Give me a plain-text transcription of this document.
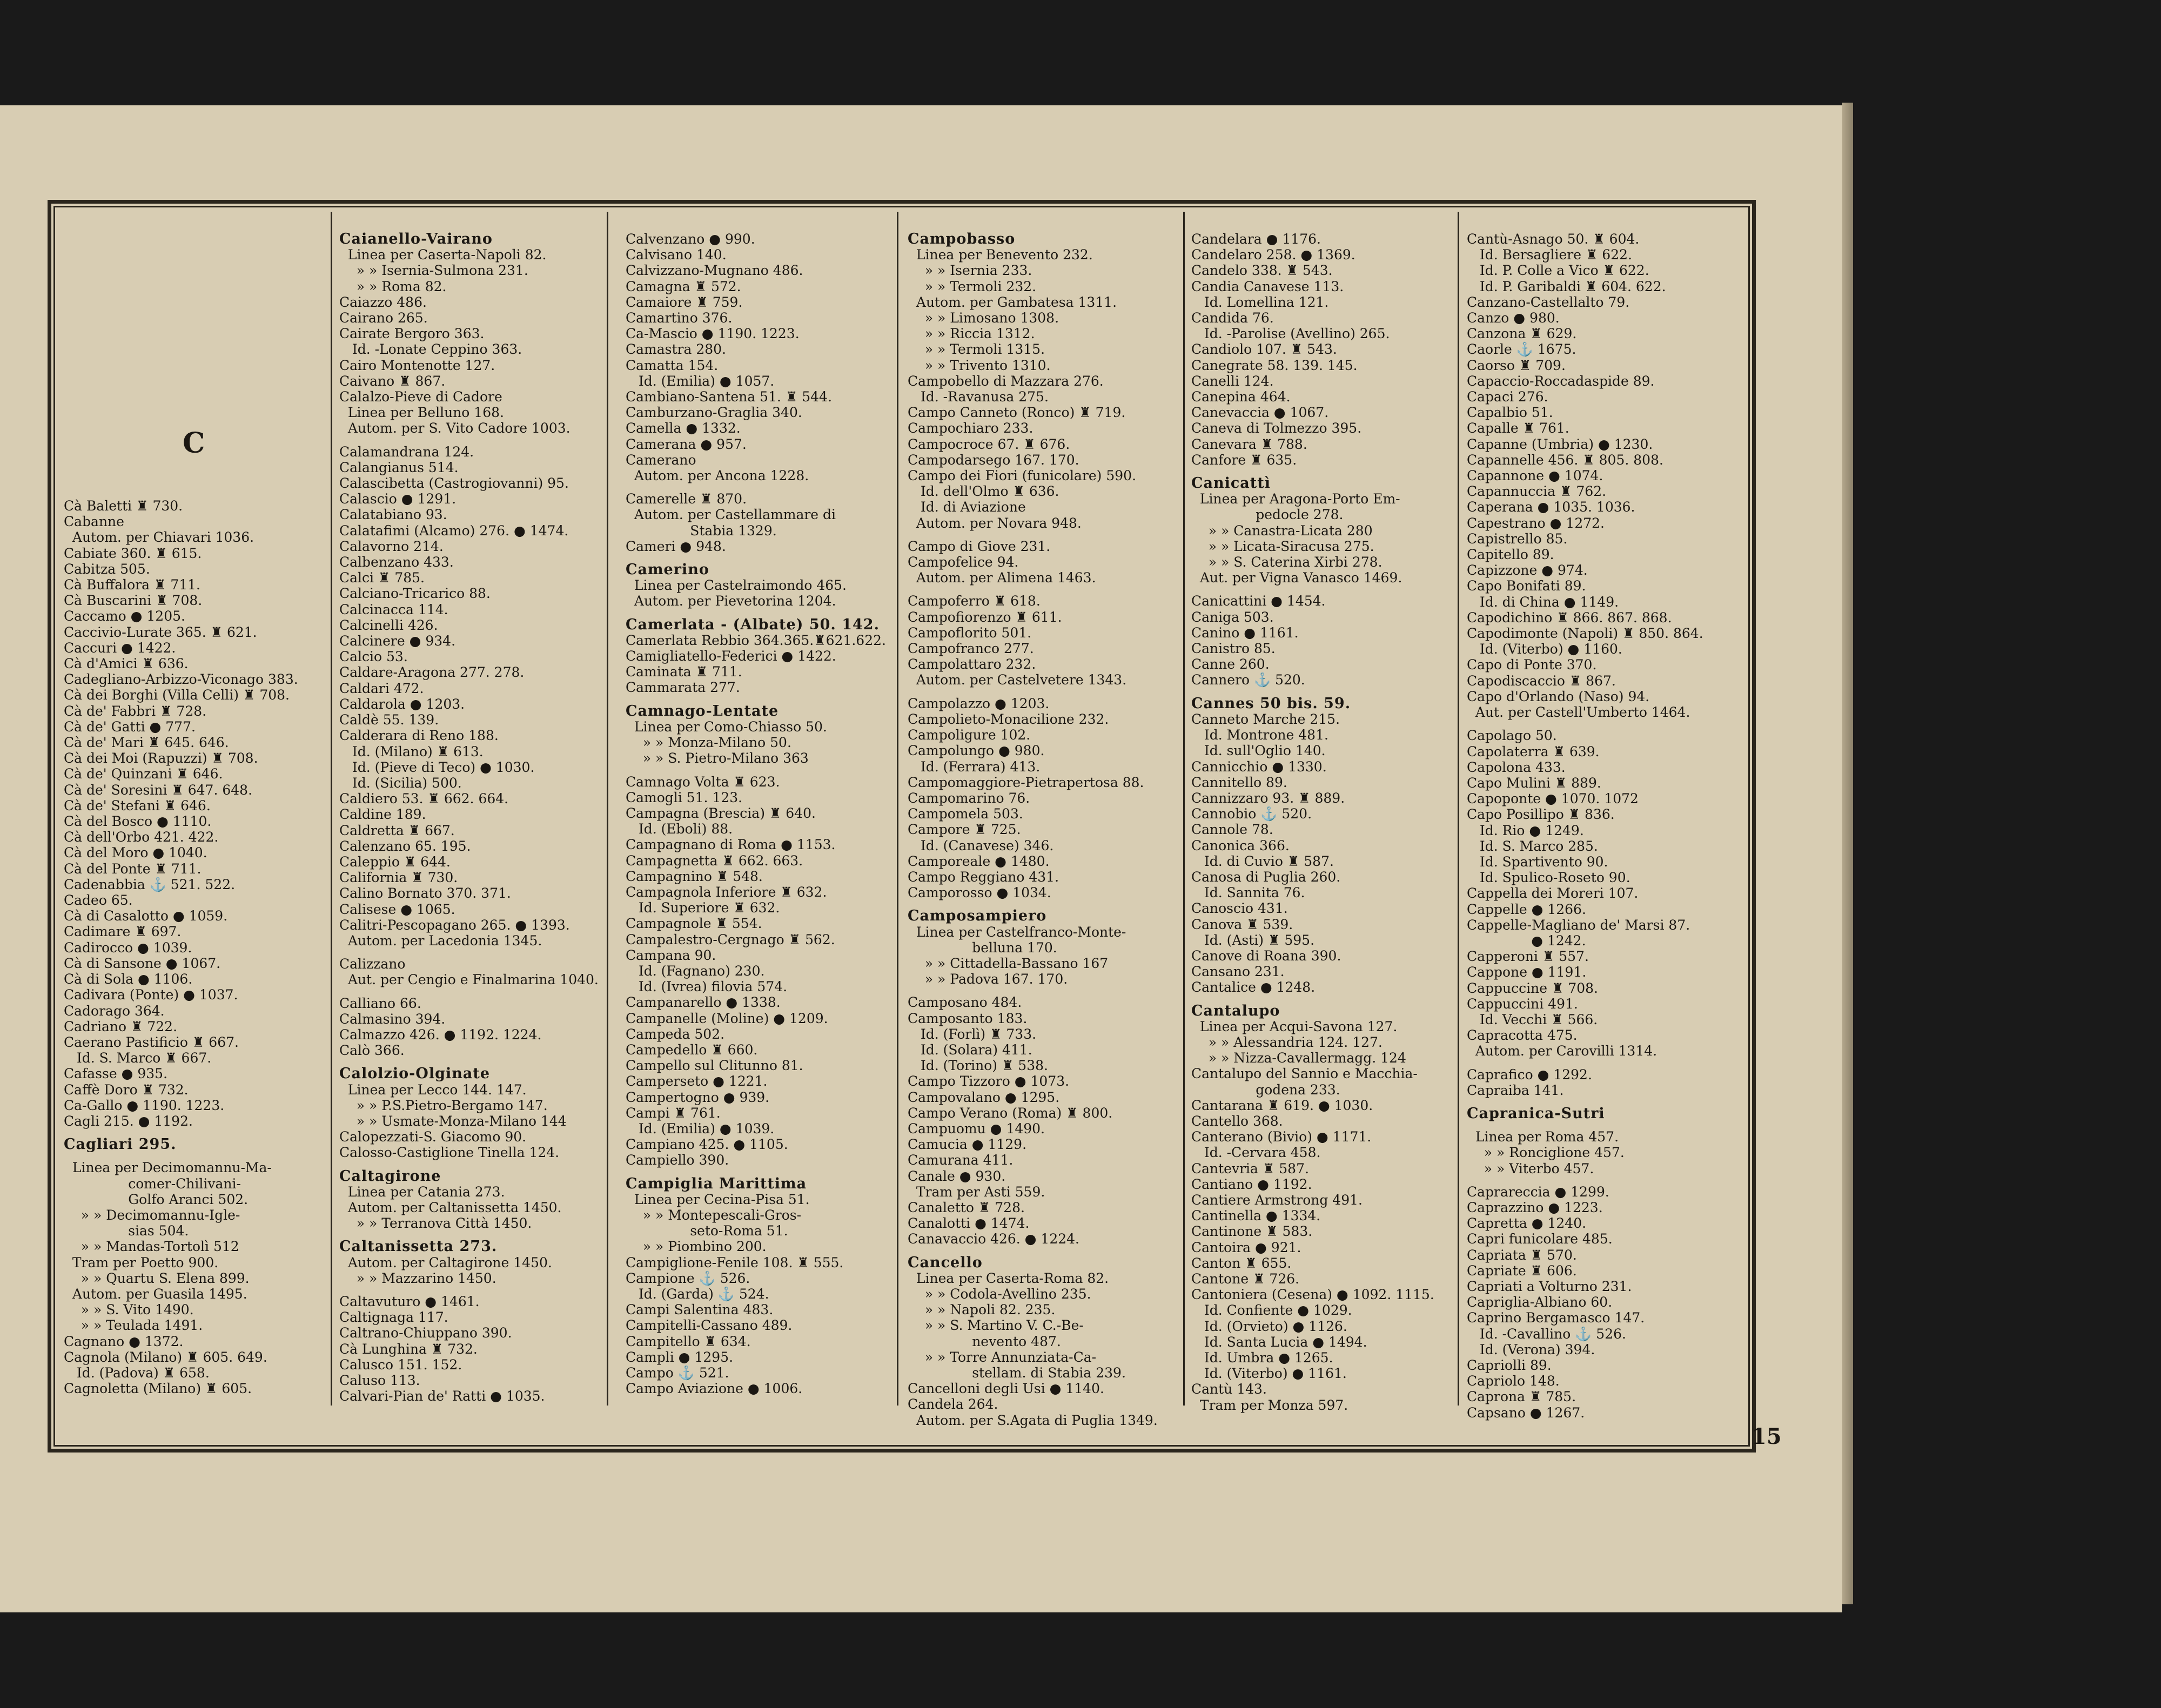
C
Cà Baletti ♜ 730.
Cabanne
Autom. per Chiavari 1036.
Cabiate 360. ♜ 615.
Cabitza 505.
Cà Buffalora ♜ 711.
Cà Buscarini ♜ 708.
Caccamo ● 1205.
Caccivio-Lurate 365. ♜ 621.
Caccuri ● 1422.
Cà d'Amici ♜ 636.
Cadegliano-Arbizzo-Viconago 383.
Cà dei Borghi (Villa Celli) ♜ 708.
Cà de' Fabbri ♜ 728.
Cà de' Gatti ● 777.
Cà de' Mari ♜ 645. 646.
Cà dei Moi (Rapuzzi) ♜ 708.
Cà de' Quinzani ♜ 646.
Cà de' Soresini ♜ 647. 648.
Cà de' Stefani ♜ 646.
Cà del Bosco ● 1110.
Cà dell'Orbo 421. 422.
Cà del Moro ● 1040.
Cà del Ponte ♜ 711.
Cadenabbia ⚓ 521. 522.
Cadeo 65.
Cà di Casalotto ● 1059.
Cadimare ♜ 697.
Cadirocco ● 1039.
Cà di Sansone ● 1067.
Cà di Sola ● 1106.
Cadivara (Ponte) ● 1037.
Cadorago 364.
Cadriano ♜ 722.
Caerano Pastificio ♜ 667.
Id. S. Marco ♜ 667.
Cafasse ● 935.
Caffè Doro ♜ 732.
Ca-Gallo ● 1190. 1223.
Cagli 215. ● 1192.

Cagliari 295.

Linea per Decimomannu-Ma-
comer-Chilivani-
Golfo Aranci 502.
» » Decimomannu-Igle-
sias 504.
» » Mandas-Tortolì 512
Tram per Poetto 900.
» » Quartu S. Elena 899.
Autom. per Guasila 1495.
» » S. Vito 1490.
» » Teulada 1491.
Cagnano ● 1372.
Cagnola (Milano) ♜ 605. 649.
Id. (Padova) ♜ 658.
Cagnoletta (Milano) ♜ 605.
Caianello-Vairano
Linea per Caserta-Napoli 82.
» » Isernia-Sulmona 231.
» » Roma 82.
Caiazzo 486.
Cairano 265.
Cairate Bergoro 363.
Id. -Lonate Ceppino 363.
Cairo Montenotte 127.
Caivano ♜ 867.
Calalzo-Pieve di Cadore
Linea per Belluno 168.
Autom. per S. Vito Cadore 1003.

Calamandrana 124.
Calangianus 514.
Calascibetta (Castrogiovanni) 95.
Calascio ● 1291.
Calatabiano 93.
Calatafimi (Alcamo) 276. ● 1474.
Calavorno 214.
Calbenzano 433.
Calci ♜ 785.
Calciano-Tricarico 88.
Calcinacca 114.
Calcinelli 426.
Calcinere ● 934.
Calcio 53.
Caldare-Aragona 277. 278.
Caldari 472.
Caldarola ● 1203.
Caldè 55. 139.
Calderara di Reno 188.
Id. (Milano) ♜ 613.
Id. (Pieve di Teco) ● 1030.
Id. (Sicilia) 500.
Caldiero 53. ♜ 662. 664.
Caldine 189.
Caldretta ♜ 667.
Calenzano 65. 195.
Caleppio ♜ 644.
California ♜ 730.
Calino Bornato 370. 371.
Calisese ● 1065.
Calitri-Pescopagano 265. ● 1393.
Autom. per Lacedonia 1345.

Calizzano
Aut. per Cengio e Finalmarina 1040.

Calliano 66.
Calmasino 394.
Calmazzo 426. ● 1192. 1224.
Calò 366.

Calolzio-Olginate
Linea per Lecco 144. 147.
» » P.S.Pietro-Bergamo 147.
» » Usmate-Monza-Milano 144
Calopezzati-S. Giacomo 90.
Calosso-Castiglione Tinella 124.

Caltagirone
Linea per Catania 273.
Autom. per Caltanissetta 1450.
» » Terranova Città 1450.

Caltanissetta 273.
Autom. per Caltagirone 1450.
» » Mazzarino 1450.

Caltavuturo ● 1461.
Caltignaga 117.
Caltrano-Chiuppano 390.
Cà Lunghina ♜ 732.
Calusco 151. 152.
Caluso 113.
Calvari-Pian de' Ratti ● 1035.
Calvenzano ● 990.
Calvisano 140.
Calvizzano-Mugnano 486.
Camagna ♜ 572.
Camaiore ♜ 759.
Camartino 376.
Ca-Mascio ● 1190. 1223.
Camastra 280.
Camatta 154.
Id. (Emilia) ● 1057.
Cambiano-Santena 51. ♜ 544.
Camburzano-Graglia 340.
Camella ● 1332.
Camerana ● 957.
Camerano
Autom. per Ancona 1228.

Camerelle ♜ 870.
Autom. per Castellammare di
Stabia 1329.
Cameri ● 948.

Camerino
Linea per Castelraimondo 465.
Autom. per Pievetorina 1204.

Camerlata - (Albate) 50. 142.
Camerlata Rebbio 364.365.♜621.622.
Camigliatello-Federici ● 1422.
Caminata ♜ 711.
Cammarata 277.

Camnago-Lentate
Linea per Como-Chiasso 50.
» » Monza-Milano 50.
» » S. Pietro-Milano 363

Camnago Volta ♜ 623.
Camogli 51. 123.
Campagna (Brescia) ♜ 640.
Id. (Eboli) 88.
Campagnano di Roma ● 1153.
Campagnetta ♜ 662. 663.
Campagnino ♜ 548.
Campagnola Inferiore ♜ 632.
Id. Superiore ♜ 632.
Campagnole ♜ 554.
Campalestro-Cergnago ♜ 562.
Campana 90.
Id. (Fagnano) 230.
Id. (Ivrea) filovia 574.
Campanarello ● 1338.
Campanelle (Moline) ● 1209.
Campeda 502.
Campedello ♜ 660.
Campello sul Clitunno 81.
Camperseto ● 1221.
Campertogno ● 939.
Campi ♜ 761.
Id. (Emilia) ● 1039.
Campiano 425. ● 1105.
Campiello 390.

Campiglia Marittima
Linea per Cecina-Pisa 51.
» » Montepescali-Gros-
seto-Roma 51.
» » Piombino 200.
Campiglione-Fenile 108. ♜ 555.
Campione ⚓ 526.
Id. (Garda) ⚓ 524.
Campi Salentina 483.
Campitelli-Cassano 489.
Campitello ♜ 634.
Campli ● 1295.
Campo ⚓ 521.
Campo Aviazione ● 1006.
Campobasso
Linea per Benevento 232.
» » Isernia 233.
» » Termoli 232.
Autom. per Gambatesa 1311.
» » Limosano 1308.
» » Riccia 1312.
» » Termoli 1315.
» » Trivento 1310.
Campobello di Mazzara 276.
Id. -Ravanusa 275.
Campo Canneto (Ronco) ♜ 719.
Campochiaro 233.
Campocroce 67. ♜ 676.
Campodarsego 167. 170.
Campo dei Fiori (funicolare) 590.
Id. dell'Olmo ♜ 636.
Id. di Aviazione
Autom. per Novara 948.

Campo di Giove 231.
Campofelice 94.
Autom. per Alimena 1463.

Campoferro ♜ 618.
Campofiorenzo ♜ 611.
Campoflorito 501.
Campofranco 277.
Campolattaro 232.
Autom. per Castelvetere 1343.

Campolazzo ● 1203.
Campolieto-Monacilione 232.
Campoligure 102.
Campolungo ● 980.
Id. (Ferrara) 413.
Campomaggiore-Pietrapertosa 88.
Campomarino 76.
Campomela 503.
Campore ♜ 725.
Id. (Canavese) 346.
Camporeale ● 1480.
Campo Reggiano 431.
Camporosso ● 1034.

Camposampiero
Linea per Castelfranco-Monte-
belluna 170.
» » Cittadella-Bassano 167
» » Padova 167. 170.

Camposano 484.
Camposanto 183.
Id. (Forlì) ♜ 733.
Id. (Solara) 411.
Id. (Torino) ♜ 538.
Campo Tizzoro ● 1073.
Campovalano ● 1295.
Campo Verano (Roma) ♜ 800.
Campuomu ● 1490.
Camucia ● 1129.
Camurana 411.
Canale ● 930.
Tram per Asti 559.
Canaletto ♜ 728.
Canalotti ● 1474.
Canavaccio 426. ● 1224.

Cancello
Linea per Caserta-Roma 82.
» » Codola-Avellino 235.
» » Napoli 82. 235.
» » S. Martino V. C.-Be-
nevento 487.
» » Torre Annunziata-Ca-
stellam. di Stabia 239.
Cancelloni degli Usi ● 1140.
Candela 264.
Autom. per S.Agata di Puglia 1349.
Candelara ● 1176.
Candelaro 258. ● 1369.
Candelo 338. ♜ 543.
Candia Canavese 113.
Id. Lomellina 121.
Candida 76.
Id. -Parolise (Avellino) 265.
Candiolo 107. ♜ 543.
Canegrate 58. 139. 145.
Canelli 124.
Canepina 464.
Canevaccia ● 1067.
Caneva di Tolmezzo 395.
Canevara ♜ 788.
Canfore ♜ 635.

Canicattì
Linea per Aragona-Porto Em-
pedocle 278.
» » Canastra-Licata 280
» » Licata-Siracusa 275.
» » S. Caterina Xirbi 278.
Aut. per Vigna Vanasco 1469.

Canicattini ● 1454.
Caniga 503.
Canino ● 1161.
Canistro 85.
Canne 260.
Cannero ⚓ 520.

Cannes 50 bis. 59.
Canneto Marche 215.
Id. Montrone 481.
Id. sull'Oglio 140.
Cannicchio ● 1330.
Cannitello 89.
Cannizzaro 93. ♜ 889.
Cannobio ⚓ 520.
Cannole 78.
Canonica 366.
Id. di Cuvio ♜ 587.
Canosa di Puglia 260.
Id. Sannita 76.
Canoscio 431.
Canova ♜ 539.
Id. (Asti) ♜ 595.
Canove di Roana 390.
Cansano 231.
Cantalice ● 1248.

Cantalupo
Linea per Acqui-Savona 127.
» » Alessandria 124. 127.
» » Nizza-Cavallermagg. 124
Cantalupo del Sannio e Macchia-
godena 233.
Cantarana ♜ 619. ● 1030.
Cantello 368.
Canterano (Bivio) ● 1171.
Id. -Cervara 458.
Cantevria ♜ 587.
Cantiano ● 1192.
Cantiere Armstrong 491.
Cantinella ● 1334.
Cantinone ♜ 583.
Cantoira ● 921.
Canton ♜ 655.
Cantone ♜ 726.
Cantoniera (Cesena) ● 1092. 1115.
Id. Confiente ● 1029.
Id. (Orvieto) ● 1126.
Id. Santa Lucia ● 1494.
Id. Umbra ● 1265.
Id. (Viterbo) ● 1161.
Cantù 143.
Tram per Monza 597.
Cantù-Asnago 50. ♜ 604.
Id. Bersagliere ♜ 622.
Id. P. Colle a Vico ♜ 622.
Id. P. Garibaldi ♜ 604. 622.
Canzano-Castellalto 79.
Canzo ● 980.
Canzona ♜ 629.
Caorle ⚓ 1675.
Caorso ♜ 709.
Capaccio-Roccadaspide 89.
Capaci 276.
Capalbio 51.
Capalle ♜ 761.
Capanne (Umbria) ● 1230.
Capannelle 456. ♜ 805. 808.
Capannone ● 1074.
Capannuccia ♜ 762.
Caperana ● 1035. 1036.
Capestrano ● 1272.
Capistrello 85.
Capitello 89.
Capizzone ● 974.
Capo Bonifati 89.
Id. di China ● 1149.
Capodichino ♜ 866. 867. 868.
Capodimonte (Napoli) ♜ 850. 864.
Id. (Viterbo) ● 1160.
Capo di Ponte 370.
Capodiscaccio ♜ 867.
Capo d'Orlando (Naso) 94.
Aut. per Castell'Umberto 1464.

Capolago 50.
Capolaterra ♜ 639.
Capolona 433.
Capo Mulini ♜ 889.
Capoponte ● 1070. 1072
Capo Posillipo ♜ 836.
Id. Rio ● 1249.
Id. S. Marco 285.
Id. Spartivento 90.
Id. Spulico-Roseto 90.
Cappella dei Moreri 107.
Cappelle ● 1266.
Cappelle-Magliano de' Marsi 87.
● 1242.
Capperoni ♜ 557.
Cappone ● 1191.
Cappuccine ♜ 708.
Cappuccini 491.
Id. Vecchi ♜ 566.
Capracotta 475.
Autom. per Carovilli 1314.

Caprafico ● 1292.
Capraiba 141.

Capranica-Sutri

Linea per Roma 457.
» » Ronciglione 457.
» » Viterbo 457.

Caprareccia ● 1299.
Caprazzino ● 1223.
Capretta ● 1240.
Capri funicolare 485.
Capriata ♜ 570.
Capriate ♜ 606.
Capriati a Volturno 231.
Capriglia-Albiano 60.
Caprino Bergamasco 147.
Id. -Cavallino ⚓ 526.
Id. (Verona) 394.
Capriolli 89.
Capriolo 148.
Caprona ♜ 785.
Capsano ● 1267.
15
